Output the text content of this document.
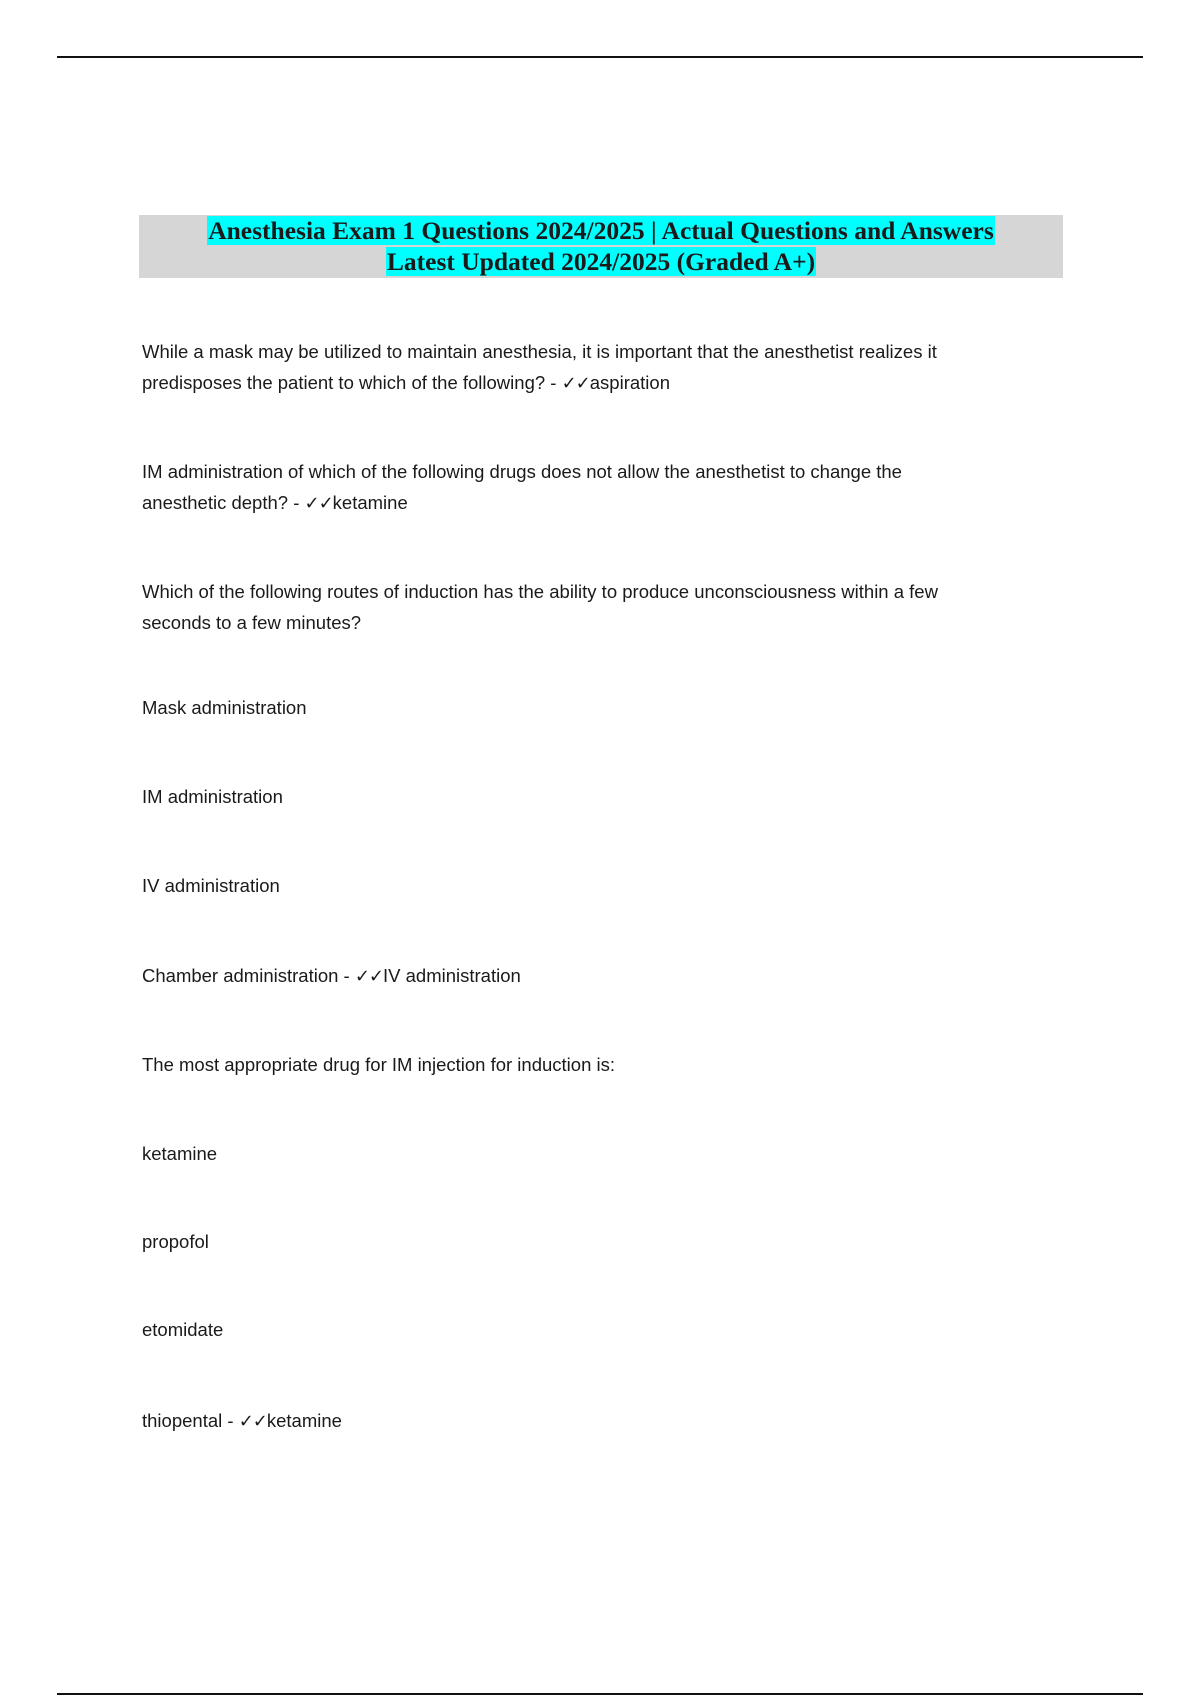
Anesthesia Exam 1 Questions 2024/2025 | Actual Questions and Answers
Latest Updated 2024/2025 (Graded A+)
While a mask may be utilized to maintain anesthesia, it is important that the anesthetist realizes it
predisposes the patient to which of the following? - ✓✓aspiration
IM administration of which of the following drugs does not allow the anesthetist to change the
anesthetic depth? - ✓✓ketamine
Which of the following routes of induction has the ability to produce unconsciousness within a few
seconds to a few minutes?
Mask administration
IM administration
IV administration
Chamber administration - ✓✓IV administration
The most appropriate drug for IM injection for induction is:
ketamine
propofol
etomidate
thiopental - ✓✓ketamine
